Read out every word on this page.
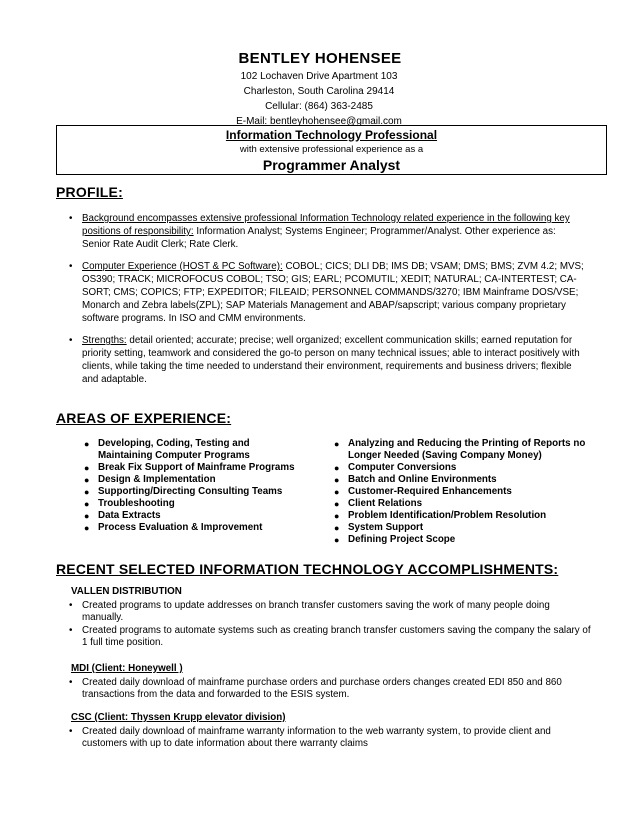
BENTLEY HOHENSEE
102 Lochaven Drive Apartment 103
Charleston, South Carolina 29414
Cellular: (864) 363-2485
E-Mail: bentleyhohensee@gmail.com
Information Technology Professional
with extensive professional experience as a
Programmer Analyst
PROFILE:
• Background encompasses extensive professional Information Technology related experience in the following key positions of responsibility: Information Analyst; Systems Engineer; Programmer/Analyst. Other experience as: Senior Rate Audit Clerk; Rate Clerk.
• Computer Experience (HOST & PC Software): COBOL; CICS; DLI DB; IMS DB; VSAM; DMS; BMS; ZVM 4.2; MVS; OS390; TRACK; MICROFOCUS COBOL; TSO; GIS; EARL; PCOMUTIL; XEDIT; NATURAL; CA-INTERTEST; CA-SORT; CMS; COPICS; FTP; EXPEDITOR; FILEAID; PERSONNEL COMMANDS/3270; IBM Mainframe DOS/VSE; Monarch and Zebra labels(ZPL); SAP Materials Management and ABAP/sapscript; various company proprietary software programs. In ISO and CMM environments.
• Strengths: detail oriented; accurate; precise; well organized; excellent communication skills; earned reputation for priority setting, teamwork and considered the go-to person on many technical issues; able to interact positively with clients, while taking the time needed to understand their environment, requirements and business drivers; flexible and adaptable.
AREAS OF EXPERIENCE:
● Developing, Coding, Testing and Maintaining Computer Programs
● Break Fix Support of Mainframe Programs
● Design & Implementation
● Supporting/Directing Consulting Teams
● Troubleshooting
● Data Extracts
● Process Evaluation & Improvement
● Analyzing and Reducing the Printing of Reports no Longer Needed (Saving Company Money)
● Computer Conversions
● Batch and Online Environments
● Customer-Required Enhancements
● Client Relations
● Problem Identification/Problem Resolution
● System Support
● Defining Project Scope
RECENT SELECTED INFORMATION TECHNOLOGY ACCOMPLISHMENTS:
VALLEN DISTRIBUTION
• Created programs to update addresses on branch transfer customers saving the work of many people doing manually.
• Created programs to automate systems such as creating branch transfer customers saving the company the salary of 1 full time position.
MDI (Client: Honeywell )
• Created daily download of mainframe purchase orders and purchase orders changes created EDI 850 and 860 transactions from the data and forwarded to the ESIS system.
CSC (Client: Thyssen Krupp elevator division)
• Created daily download of mainframe warranty information to the web warranty system, to provide client and customers with up to date information about there warranty claims
